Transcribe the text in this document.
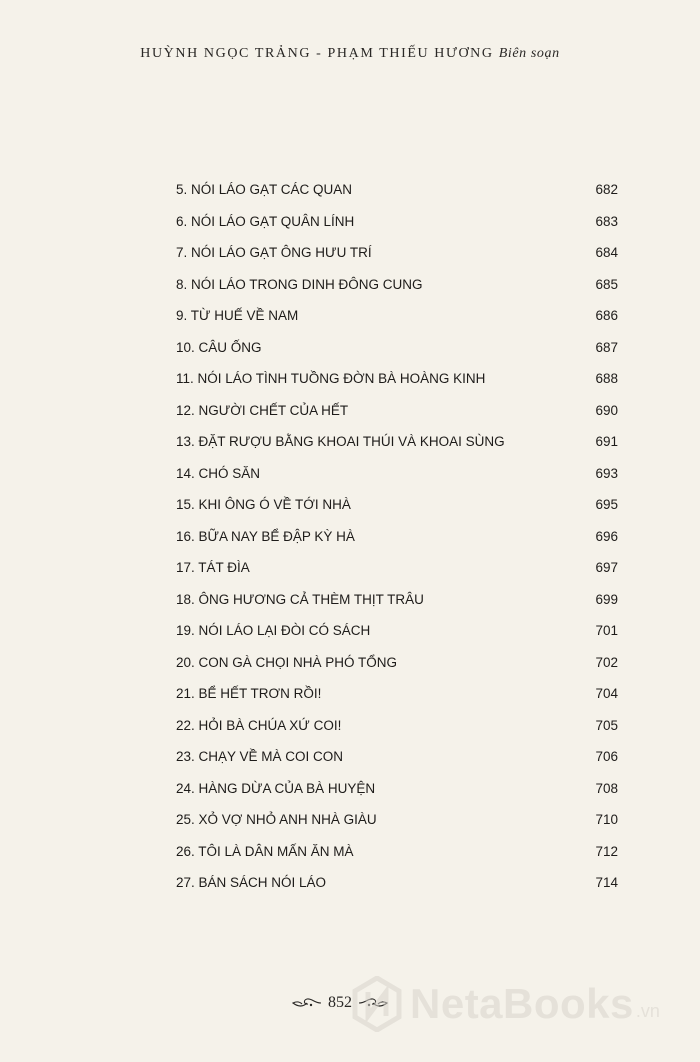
HUỲNH NGỌC TRẢNG - PHẠM THIẾU HƯƠNG Biên soạn
5. NÓI LÁO GẠT CÁC QUAN	682
6. NÓI LÁO GẠT QUÂN LÍNH	683
7. NÓI LÁO GẠT ÔNG HƯU TRÍ	684
8. NÓI LÁO TRONG DINH ĐÔNG CUNG	685
9. TỪ HUẾ VỀ NAM	686
10. CÂU ỐNG	687
11. NÓI LÁO TÌNH TUỒNG ĐỜN BÀ HOÀNG KINH	688
12. NGƯỜI CHẾT CỦA HẾT	690
13. ĐẶT RƯỢU BẰNG KHOAI THÚI VÀ KHOAI SÙNG	691
14. CHÓ SĂN	693
15. KHI ÔNG Ó VỀ TỚI NHÀ	695
16. BỮA NAY BỂ ĐẬP KỲ HÀ	696
17. TÁT ĐÌA	697
18. ÔNG HƯƠNG CẢ THÈM THỊT TRÂU	699
19. NÓI LÁO LẠI ĐÒI CÓ SÁCH	701
20. CON GÀ CHỌI NHÀ PHÓ TỔNG	702
21. BỂ HẾT TRƠN RỒI!	704
22. HỎI BÀ CHÚA XỨ COI!	705
23. CHẠY VỀ MÀ COI CON	706
24. HÀNG DỪA CỦA BÀ HUYỆN	708
25. XỎ VỢ NHỎ ANH NHÀ GIÀU	710
26. TÔI LÀ DÂN MẤN ĂN MÀ	712
27. BÁN SÁCH NÓI LÁO	714
852 NetaBooks .vn
